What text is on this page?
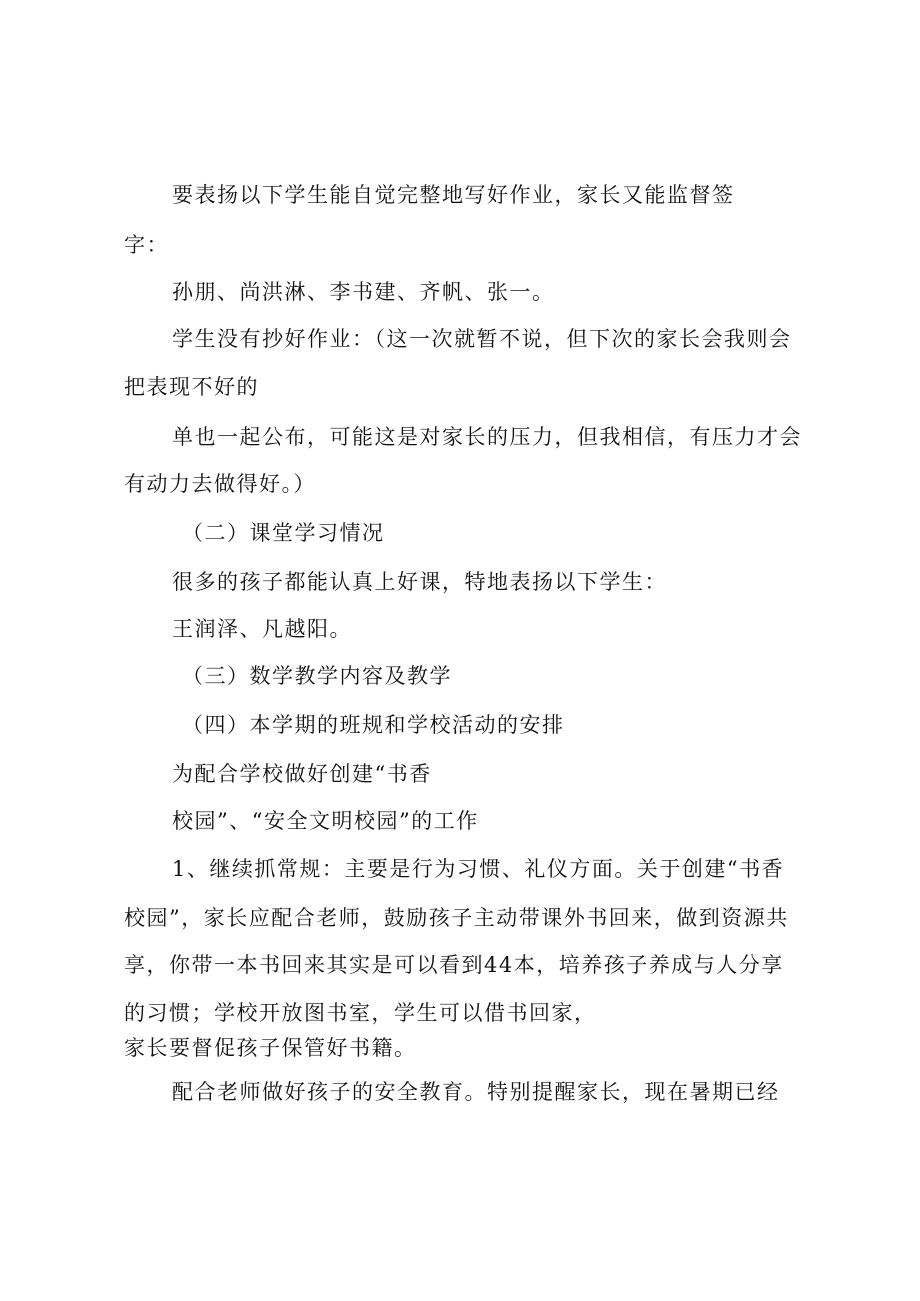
要表扬以下学生能自觉完整地写好作业，家长又能监督签
字：
孙朋、尚洪淋、李书建、齐帆、张一。
学生没有抄好作业：（这一次就暂不说，但下次的家长会我则会
把表现不好的
单也一起公布，可能这是对家长的压力，但我相信，有压力才会
有动力去做得好。）
（二）课堂学习情况
很多的孩子都能认真上好课，特地表扬以下学生：
王润泽、凡越阳。
（三）数学教学内容及教学
（四）本学期的班规和学校活动的安排
为配合学校做好创建“书香
校园”、“安全文明校园”的工作
1、继续抓常规：主要是行为习惯、礼仪方面。关于创建“书香
校园”，家长应配合老师，鼓励孩子主动带课外书回来，做到资源共
享，你带一本书回来其实是可以看到44本，培养孩子养成与人分享
的习惯；学校开放图书室，学生可以借书回家，
家长要督促孩子保管好书籍。
配合老师做好孩子的安全教育。特别提醒家长，现在暑期已经
